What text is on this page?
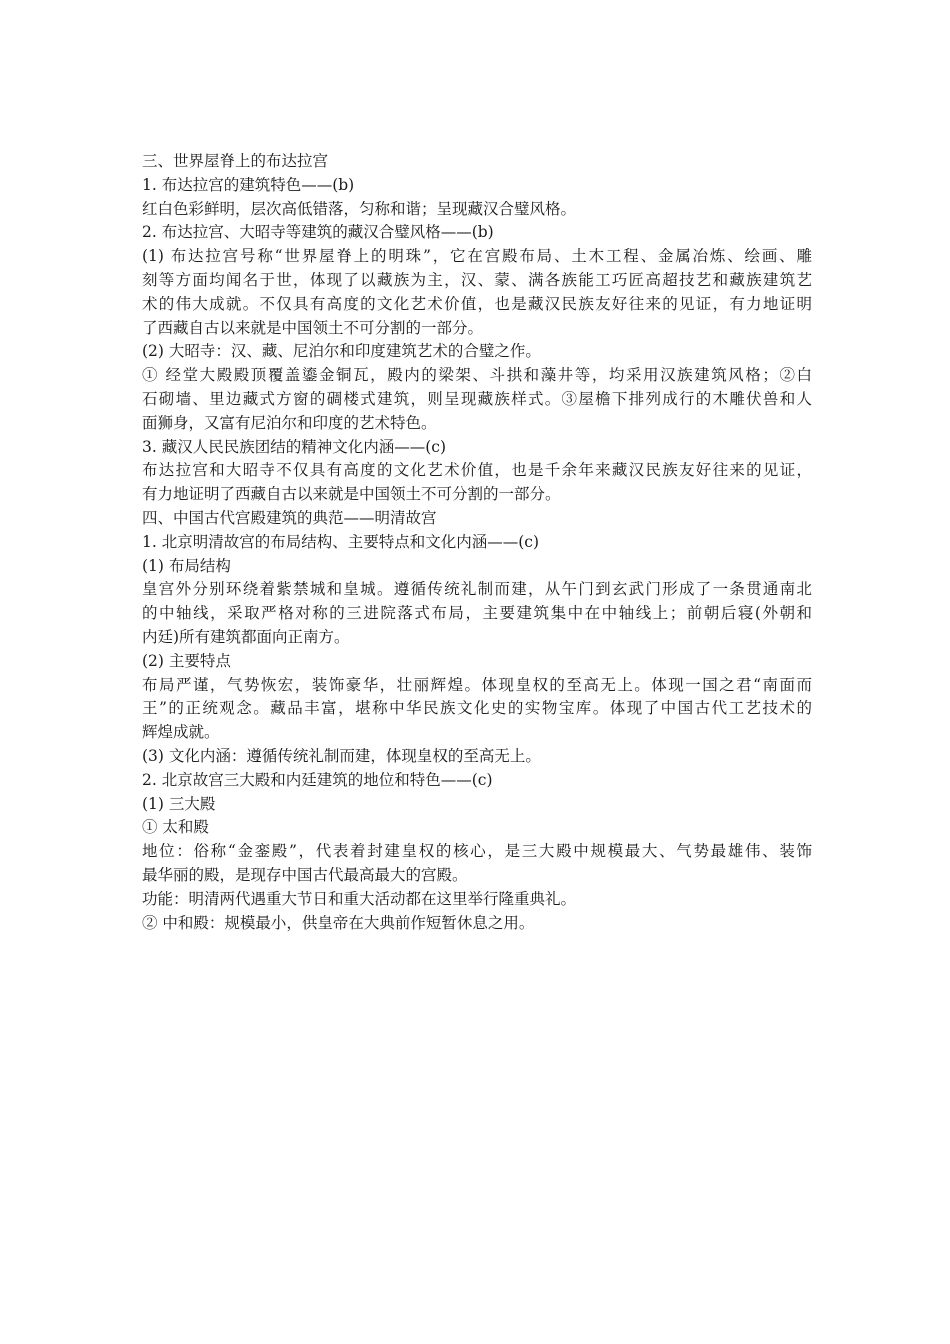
三、世界屋脊上的布达拉宫

1. 布达拉宫的建筑特色——(b)

红白色彩鲜明，层次高低错落，匀称和谐；呈现藏汉合璧风格。

2. 布达拉宫、大昭寺等建筑的藏汉合璧风格——(b)

(1) 布达拉宫号称“世界屋脊上的明珠”，它在宫殿布局、土木工程、金属冶炼、绘画、雕

刻等方面均闻名于世，体现了以藏族为主，汉、蒙、满各族能工巧匠高超技艺和藏族建筑艺

术的伟大成就。不仅具有高度的文化艺术价值，也是藏汉民族友好往来的见证，有力地证明

了西藏自古以来就是中国领土不可分割的一部分。

(2) 大昭寺：汉、藏、尼泊尔和印度建筑艺术的合璧之作。

① 经堂大殿殿顶覆盖鎏金铜瓦，殿内的梁架、斗拱和藻井等，均采用汉族建筑风格；②白

石砌墙、里边藏式方窗的碉楼式建筑，则呈现藏族样式。③屋檐下排列成行的木雕伏兽和人

面狮身，又富有尼泊尔和印度的艺术特色。

3. 藏汉人民民族团结的精神文化内涵——(c)

布达拉宫和大昭寺不仅具有高度的文化艺术价值，也是千余年来藏汉民族友好往来的见证，

有力地证明了西藏自古以来就是中国领土不可分割的一部分。

四、中国古代宫殿建筑的典范——明清故宫

1. 北京明清故宫的布局结构、主要特点和文化内涵——(c)

(1) 布局结构

皇宫外分别环绕着紫禁城和皇城。遵循传统礼制而建，从午门到玄武门形成了一条贯通南北

的中轴线，采取严格对称的三进院落式布局，主要建筑集中在中轴线上；前朝后寝(外朝和

内廷)所有建筑都面向正南方。

(2) 主要特点

布局严谨，气势恢宏，装饰豪华，壮丽辉煌。体现皇权的至高无上。体现一国之君“南面而

王”的正统观念。藏品丰富，堪称中华民族文化史的实物宝库。体现了中国古代工艺技术的

辉煌成就。

(3) 文化内涵：遵循传统礼制而建，体现皇权的至高无上。

2. 北京故宫三大殿和内廷建筑的地位和特色——(c)

(1) 三大殿

① 太和殿

地位：俗称“金銮殿”，代表着封建皇权的核心，是三大殿中规模最大、气势最雄伟、装饰

最华丽的殿，是现存中国古代最高最大的宫殿。

功能：明清两代遇重大节日和重大活动都在这里举行隆重典礼。

② 中和殿：规模最小，供皇帝在大典前作短暂休息之用。
